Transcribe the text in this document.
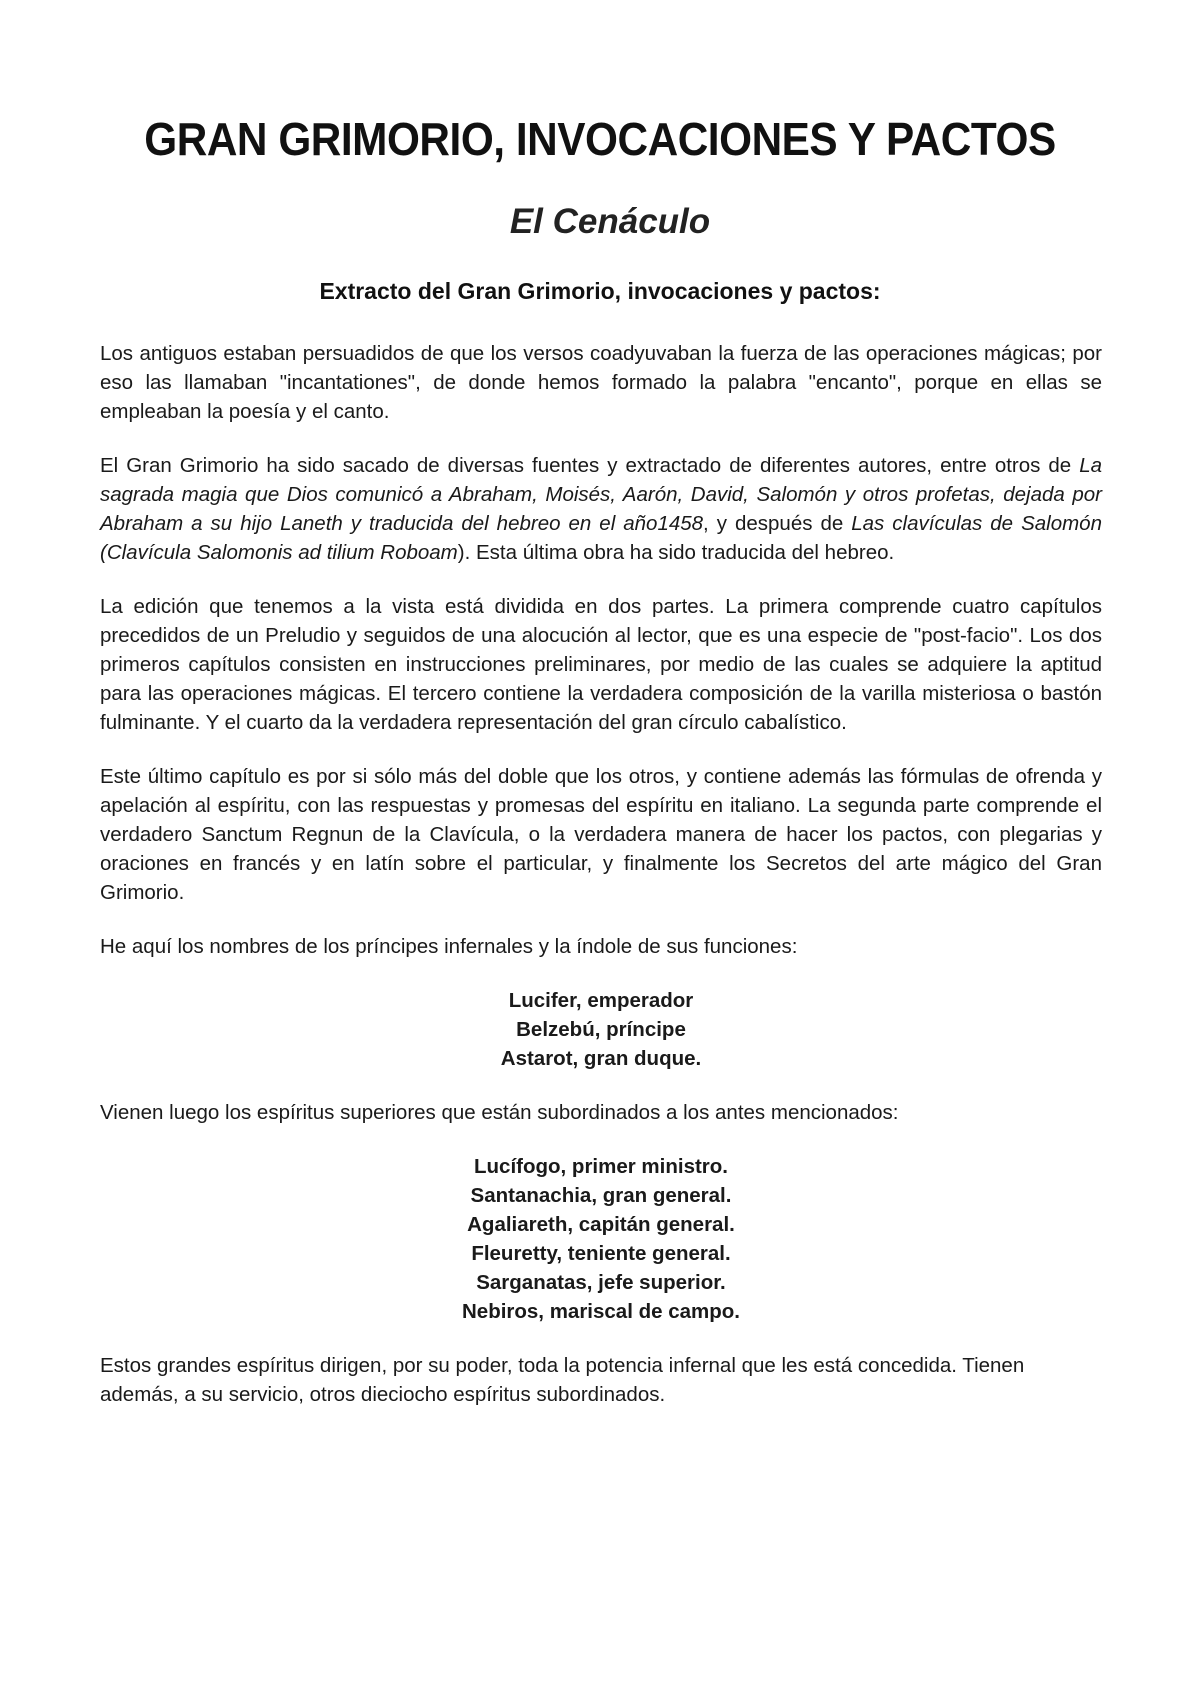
GRAN GRIMORIO, INVOCACIONES Y PACTOS
El Cenáculo
Extracto del Gran Grimorio, invocaciones y pactos:

Los antiguos estaban persuadidos de que los versos coadyuvaban la fuerza de las operaciones mágicas; por eso las llamaban "incantationes", de donde hemos formado la palabra "encanto", porque en ellas se empleaban la poesía y el canto.

El Gran Grimorio ha sido sacado de diversas fuentes y extractado de diferentes autores, entre otros de La sagrada magia que Dios comunicó a Abraham, Moisés, Aarón, David, Salomón y otros profetas, dejada por Abraham a su hijo Laneth y traducida del hebreo en el año1458, y después de Las clavículas de Salomón (Clavícula Salomonis ad tilium Roboam). Esta última obra ha sido traducida del hebreo.

La edición que tenemos a la vista está dividida en dos partes. La primera comprende cuatro capítulos precedidos de un Preludio y seguidos de una alocución al lector, que es una especie de "post-facio". Los dos primeros capítulos consisten en instrucciones preliminares, por medio de las cuales se adquiere la aptitud para las operaciones mágicas. El tercero contiene la verdadera composición de la varilla misteriosa o bastón fulminante. Y el cuarto da la verdadera representación del gran círculo cabalístico.

Este último capítulo es por si sólo más del doble que los otros, y contiene además las fórmulas de ofrenda y apelación al espíritu, con las respuestas y promesas del espíritu en italiano. La segunda parte comprende el verdadero Sanctum Regnun de la Clavícula, o la verdadera manera de hacer los pactos, con plegarias y oraciones en francés y en latín sobre el particular, y finalmente los Secretos del arte mágico del Gran Grimorio.

He aquí los nombres de los príncipes infernales y la índole de sus funciones:

Lucifer, emperador
Belzebú, príncipe
Astarot, gran duque.

Vienen luego los espíritus superiores que están subordinados a los antes mencionados:

Lucífogo, primer ministro.
Santanachia, gran general.
Agaliareth, capitán general.
Fleuretty, teniente general.
Sarganatas, jefe superior.
Nebiros, mariscal de campo.

Estos grandes espíritus dirigen, por su poder, toda la potencia infernal que les está concedida. Tienen además, a su servicio, otros dieciocho espíritus subordinados.
